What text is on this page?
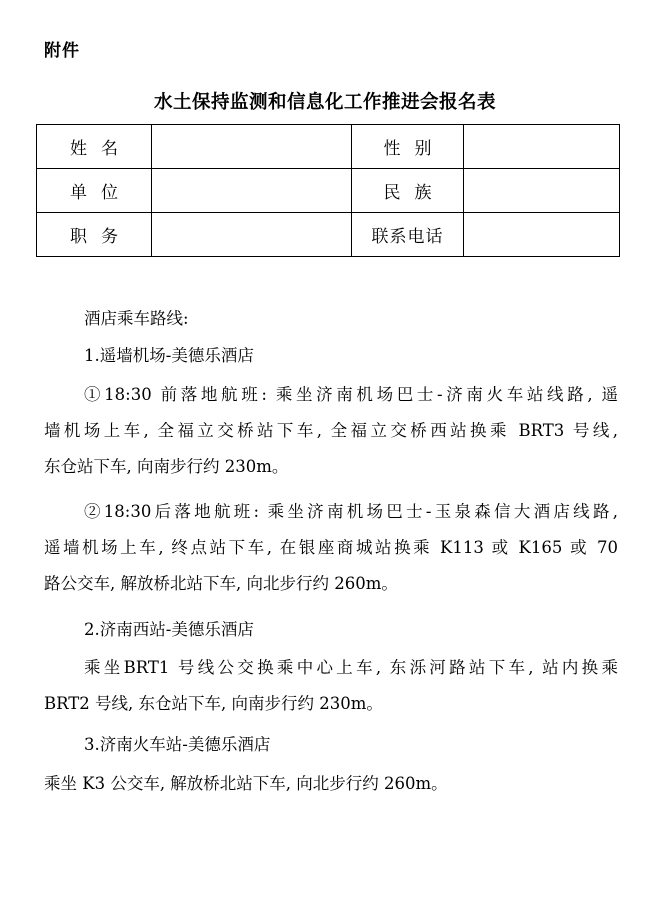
附件
水土保持监测和信息化工作推进会报名表
姓名		性别	
单位		民族	
职务		联系电话	
酒店乘车路线:
1.遥墙机场-美德乐酒店
①18:30 前落地航班: 乘坐济南机场巴士-济南火车站线路, 遥
墙机场上车, 全福立交桥站下车, 全福立交桥西站换乘 BRT3 号线,
东仓站下车, 向南步行约 230m。
②18:30后落地航班: 乘坐济南机场巴士-玉泉森信大酒店线路,
遥墙机场上车, 终点站下车, 在银座商城站换乘 K113 或 K165 或 70
路公交车, 解放桥北站下车, 向北步行约 260m。
2.济南西站-美德乐酒店
乘坐BRT1 号线公交换乘中心上车, 东泺河路站下车, 站内换乘
BRT2 号线, 东仓站下车, 向南步行约 230m。
3.济南火车站-美德乐酒店
乘坐 K3 公交车, 解放桥北站下车, 向北步行约 260m。
